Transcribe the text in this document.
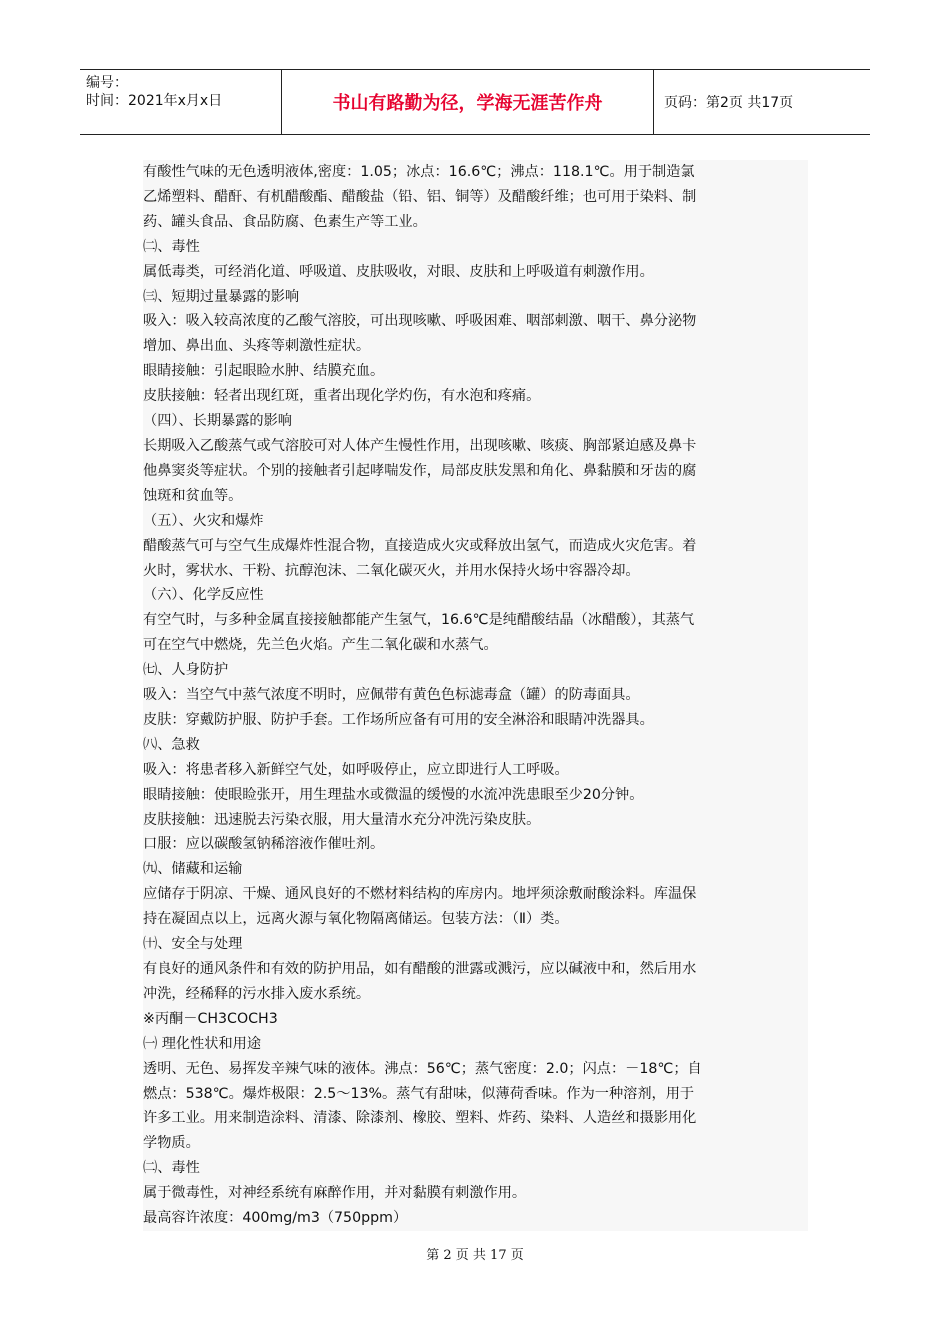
编号：
时间：2021年x月x日	书山有路勤为径，学海无涯苦作舟	页码：第2页 共17页

有酸性气味的无色透明液体,密度：1.05；冰点：16.6℃；沸点：118.1℃。用于制造氯

乙烯塑料、醋酐、有机醋酸酯、醋酸盐（铅、铝、铜等）及醋酸纤维；也可用于染料、制

药、罐头食品、食品防腐、色素生产等工业。

㈡、毒性

属低毒类，可经消化道、呼吸道、皮肤吸收，对眼、皮肤和上呼吸道有刺激作用。

㈢、短期过量暴露的影响

吸入：吸入较高浓度的乙酸气溶胶，可出现咳嗽、呼吸困难、咽部刺激、咽干、鼻分泌物

增加、鼻出血、头疼等刺激性症状。

眼睛接触：引起眼睑水肿、结膜充血。

皮肤接触：轻者出现红斑，重者出现化学灼伤，有水泡和疼痛。

（四）、长期暴露的影响

长期吸入乙酸蒸气或气溶胶可对人体产生慢性作用，出现咳嗽、咳痰、胸部紧迫感及鼻卡

他鼻窦炎等症状。个别的接触者引起哮喘发作，局部皮肤发黑和角化、鼻黏膜和牙齿的腐

蚀斑和贫血等。

（五）、火灾和爆炸

醋酸蒸气可与空气生成爆炸性混合物，直接造成火灾或释放出氢气，而造成火灾危害。着

火时，雾状水、干粉、抗醇泡沫、二氧化碳灭火，并用水保持火场中容器冷却。

（六）、化学反应性

有空气时，与多种金属直接接触都能产生氢气，16.6℃是纯醋酸结晶（冰醋酸），其蒸气

可在空气中燃烧，先兰色火焰。产生二氧化碳和水蒸气。

㈦、人身防护

吸入：当空气中蒸气浓度不明时，应佩带有黄色色标滤毒盒（罐）的防毒面具。

皮肤：穿戴防护服、防护手套。工作场所应备有可用的安全淋浴和眼睛冲洗器具。

㈧、急救

吸入：将患者移入新鲜空气处，如呼吸停止，应立即进行人工呼吸。

眼睛接触：使眼睑张开，用生理盐水或微温的缓慢的水流冲洗患眼至少20分钟。

皮肤接触：迅速脱去污染衣服，用大量清水充分冲洗污染皮肤。

口服：应以碳酸氢钠稀溶液作催吐剂。

㈨、储藏和运输

应储存于阴凉、干燥、通风良好的不燃材料结构的库房内。地坪须涂敷耐酸涂料。库温保

持在凝固点以上，远离火源与氧化物隔离储运。包装方法：（Ⅱ）类。

㈩、安全与处理

有良好的通风条件和有效的防护用品，如有醋酸的泄露或溅污，应以碱液中和，然后用水

冲洗，经稀释的污水排入废水系统。

※丙酮－CH3COCH3

㈠ 理化性状和用途

透明、无色、易挥发辛辣气味的液体。沸点：56℃；蒸气密度：2.0；闪点：－18℃；自

燃点：538℃。爆炸极限：2.5～13%。蒸气有甜味，似薄荷香味。作为一种溶剂，用于

许多工业。用来制造涂料、清漆、除漆剂、橡胶、塑料、炸药、染料、人造丝和摄影用化

学物质。

㈡、毒性

属于微毒性，对神经系统有麻醉作用，并对黏膜有刺激作用。

最高容许浓度：400mg/m3（750ppm）

第 2 页 共 17 页
